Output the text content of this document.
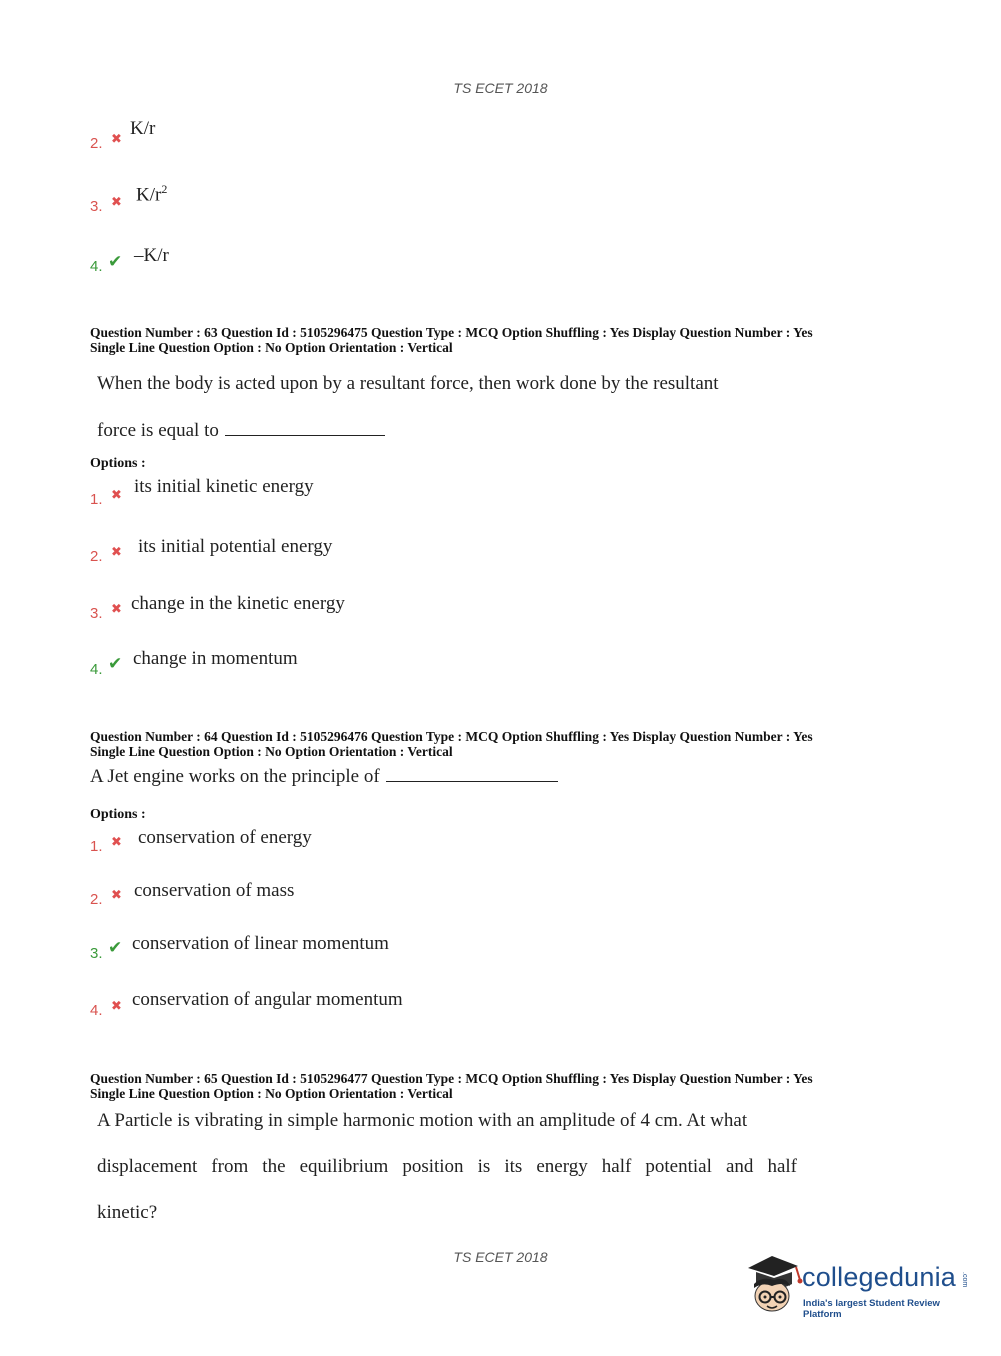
TS ECET 2018
2. ✖
K/r
3. ✖ $K/r^2$
4. ✔ –K/r
Question Number : 63 Question Id : 5105296475 Question Type : MCQ Option Shuffling : Yes Display Question Number : Yes
Single Line Question Option : No Option Orientation : Vertical
When the body is acted upon by a resultant force, then work done by the resultant
force is equal to
Options :
1. ✖ its initial kinetic energy
2. ✖ its initial potential energy
3. ✖ change in the kinetic energy
4. ✔ change in momentum
Question Number : 64 Question Id : 5105296476 Question Type : MCQ Option Shuffling : Yes Display Question Number : Yes
Single Line Question Option : No Option Orientation : Vertical
A Jet engine works on the principle of
Options :
1. ✖ conservation of energy
2. ✖ conservation of mass
3. ✔ conservation of linear momentum
4. ✖ conservation of angular momentum
Question Number : 65 Question Id : 5105296477 Question Type : MCQ Option Shuffling : Yes Display Question Number : Yes
Single Line Question Option : No Option Orientation : Vertical
A Particle is vibrating in simple harmonic motion with an amplitude of 4 cm. At what
displacement from the equilibrium position is its energy half potential and half
kinetic?
TS ECET 2018
collegedunia .com
India's largest Student Review Platform
